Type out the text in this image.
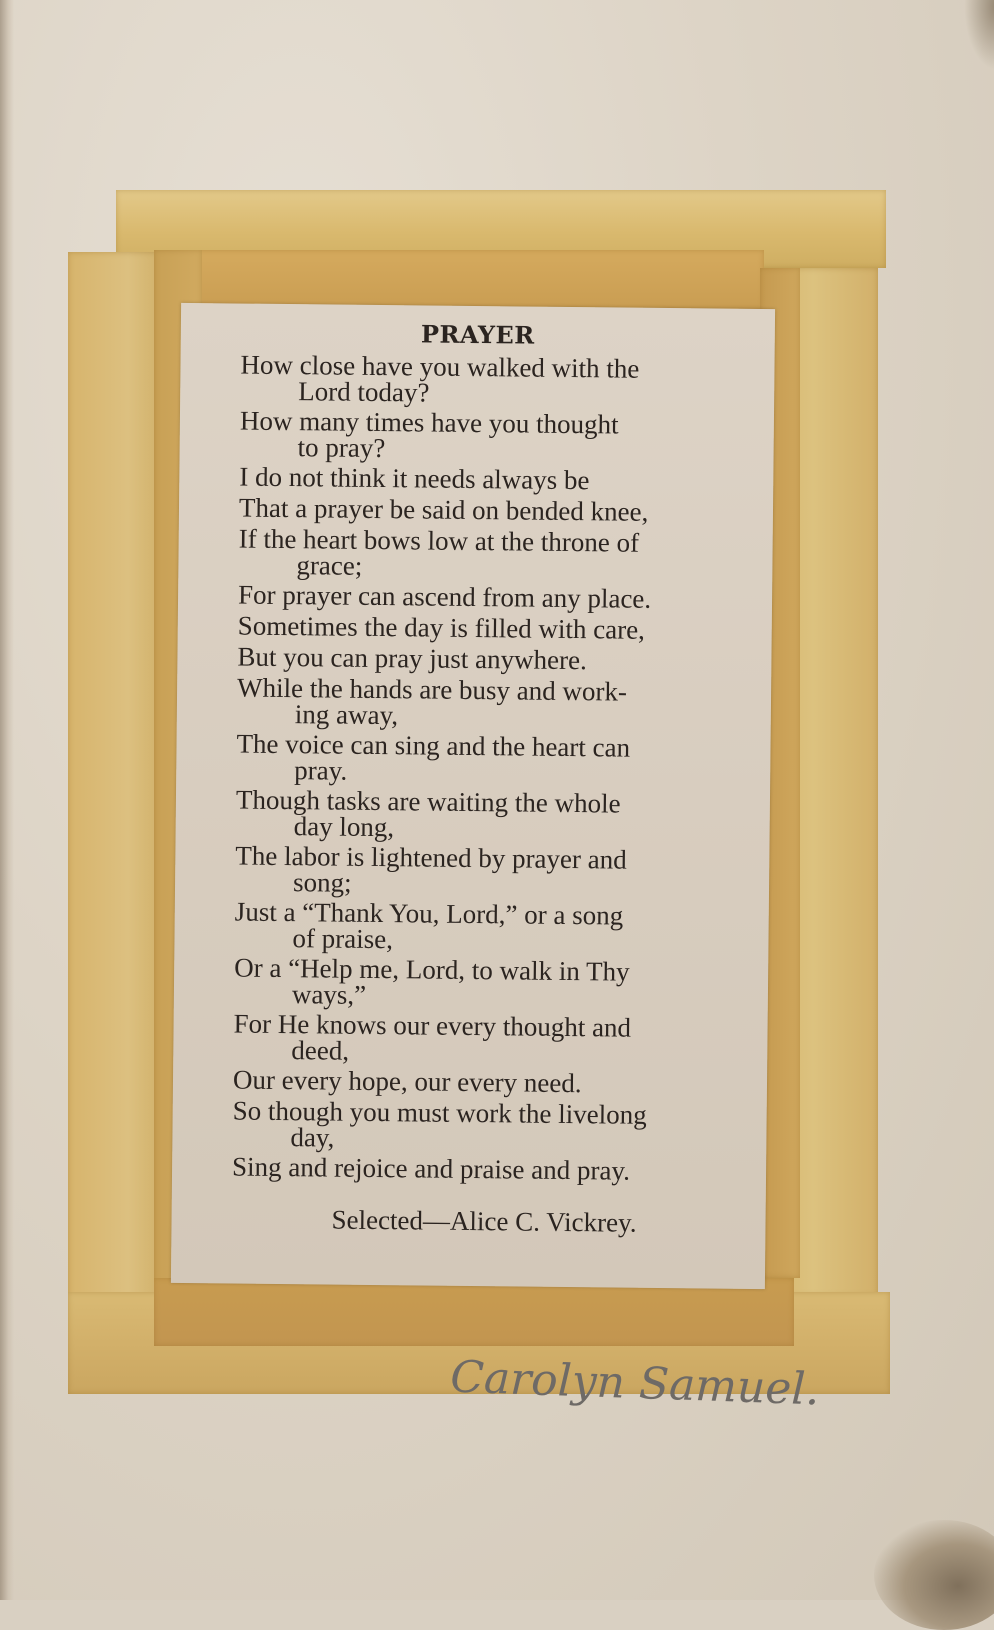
PRAYER
How close have you walked with the
Lord today?
How many times have you thought
to pray?
I do not think it needs always be
That a prayer be said on bended knee,
If the heart bows low at the throne of
grace;
For prayer can ascend from any place.
Sometimes the day is filled with care,
But you can pray just anywhere.
While the hands are busy and work-
ing away,
The voice can sing and the heart can
pray.
Though tasks are waiting the whole
day long,
The labor is lightened by prayer and
song;
Just a “Thank You, Lord,” or a song
of praise,
Or a “Help me, Lord, to walk in Thy
ways,”
For He knows our every thought and
deed,
Our every hope, our every need.
So though you must work the livelong
day,
Sing and rejoice and praise and pray.
Selected—Alice C. Vickrey.
Carolyn Samuel.
